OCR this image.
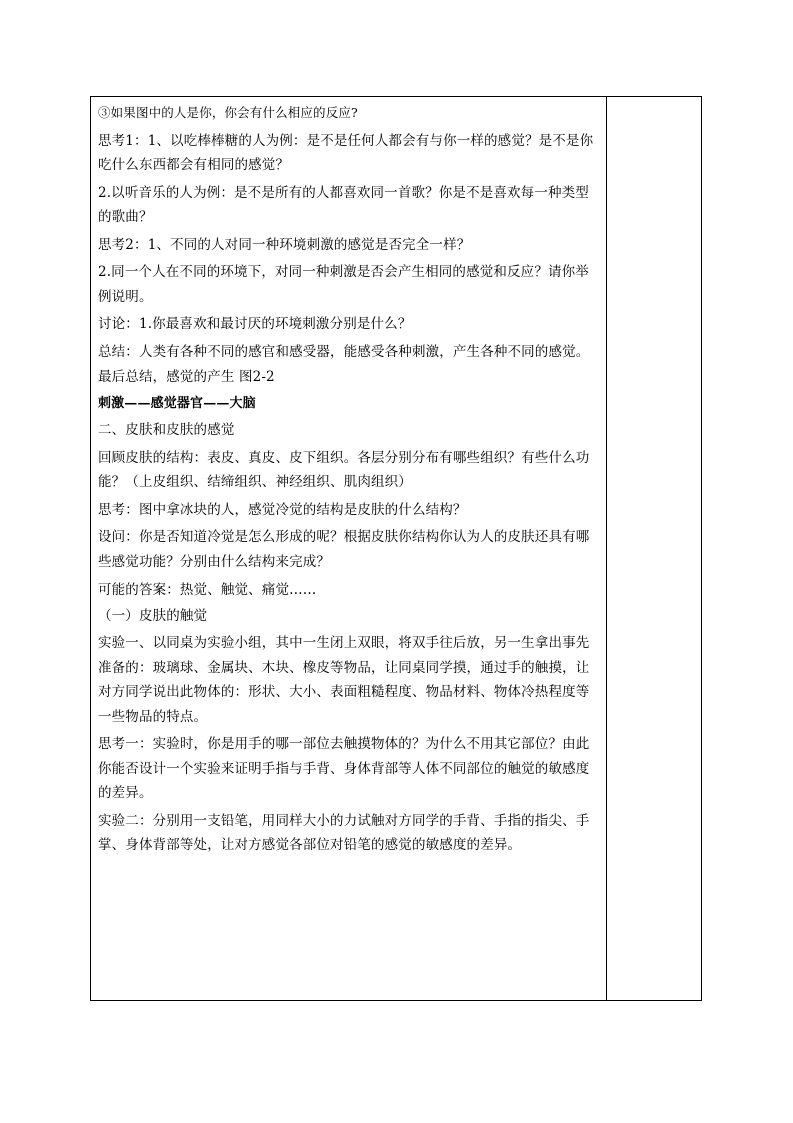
③如果图中的人是你，你会有什么相应的反应?
思考1：1、以吃棒棒糖的人为例：是不是任何人都会有与你一样的感觉？是不是你
吃什么东西都会有相同的感觉？
2.以听音乐的人为例：是不是所有的人都喜欢同一首歌？你是不是喜欢每一种类型
的歌曲？
思考2：1、不同的人对同一种环境刺激的感觉是否完全一样？
2.同一个人在不同的环境下，对同一种刺激是否会产生相同的感觉和反应？请你举
例说明。
讨论：1.你最喜欢和最讨厌的环境刺激分别是什么？
总结：人类有各种不同的感官和感受器，能感受各种刺激，产生各种不同的感觉。
最后总结，感觉的产生 图2-2
刺激——感觉器官——大脑
二、皮肤和皮肤的感觉
回顾皮肤的结构：表皮、真皮、皮下组织。各层分别分布有哪些组织？有些什么功
能？（上皮组织、结缔组织、神经组织、肌肉组织）
思考：图中拿冰块的人，感觉冷觉的结构是皮肤的什么结构？
设问：你是否知道冷觉是怎么形成的呢？根据皮肤你结构你认为人的皮肤还具有哪
些感觉功能？分别由什么结构来完成？
可能的答案：热觉、触觉、痛觉……
（一）皮肤的触觉
实验一、以同桌为实验小组，其中一生闭上双眼，将双手往后放，另一生拿出事先
准备的：玻璃球、金属块、木块、橡皮等物品，让同桌同学摸，通过手的触摸，让
对方同学说出此物体的：形状、大小、表面粗糙程度、物品材料、物体冷热程度等
一些物品的特点。
思考一：实验时，你是用手的哪一部位去触摸物体的？为什么不用其它部位？由此
你能否设计一个实验来证明手指与手背、身体背部等人体不同部位的触觉的敏感度
的差异。
实验二：分别用一支铅笔，用同样大小的力试触对方同学的手背、手指的指尖、手
掌、身体背部等处，让对方感觉各部位对铅笔的感觉的敏感度的差异。
